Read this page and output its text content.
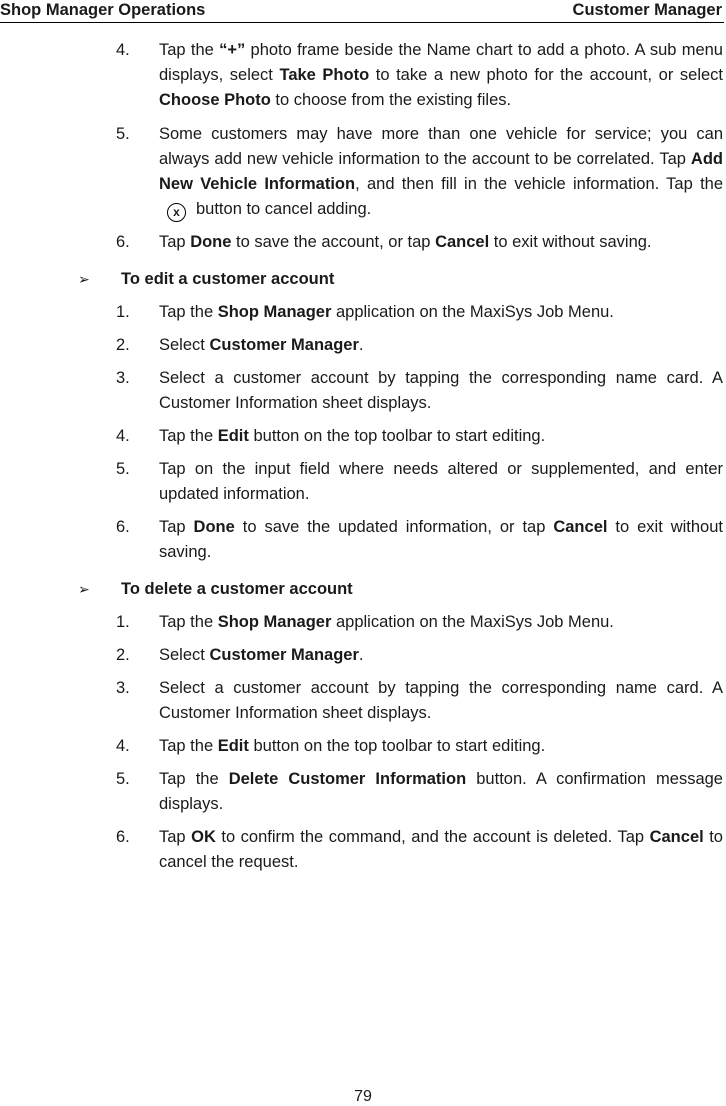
Shop Manager Operations	Customer Manager
4. Tap the “+” photo frame beside the Name chart to add a photo. A sub menu displays, select Take Photo to take a new photo for the account, or select Choose Photo to choose from the existing files.
5. Some customers may have more than one vehicle for service; you can always add new vehicle information to the account to be correlated. Tap Add New Vehicle Information, and then fill in the vehicle information. Tap thex button to cancel adding.
6. Tap Done to save the account, or tap Cancel to exit without saving.
➢ To edit a customer account
1. Tap the Shop Manager application on the MaxiSys Job Menu.
2. Select Customer Manager.
3. Select a customer account by tapping the corresponding name card. A Customer Information sheet displays.
4. Tap the Edit button on the top toolbar to start editing.
5. Tap on the input field where needs altered or supplemented, and enter updated information.
6. Tap Done to save the updated information, or tap Cancel to exit without saving.
➢ To delete a customer account
1. Tap the Shop Manager application on the MaxiSys Job Menu.
2. Select Customer Manager.
3. Select a customer account by tapping the corresponding name card. A Customer Information sheet displays.
4. Tap the Edit button on the top toolbar to start editing.
5. Tap the Delete Customer Information button. A confirmation message displays.
6. Tap OK to confirm the command, and the account is deleted. Tap Cancel to cancel the request.
79
